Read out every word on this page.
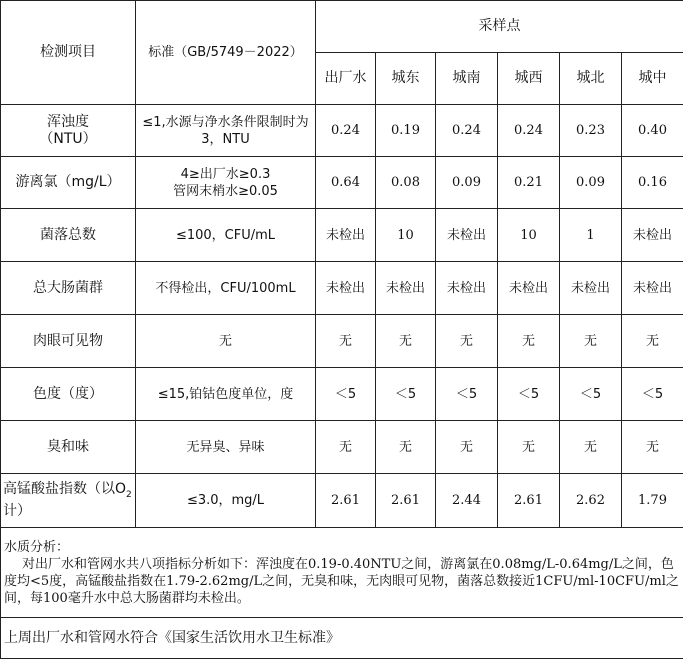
检测项目	标准（GB/5749－2022）	采样点					
		出厂水	城东	城南	城西	城北	城中
浑浊度
（NTU）	≤1,水源与净水条件限制时为3，NTU	0.24	0.19	0.24	0.24	0.23	0.40
游离氯（mg/L）	4≥出厂水≥0.3
管网末梢水≥0.05	0.64	0.08	0.09	0.21	0.09	0.16
菌落总数	≤100，CFU/mL	未检出	10	未检出	10	1	未检出
总大肠菌群	不得检出，CFU/100mL	未检出	未检出	未检出	未检出	未检出	未检出
肉眼可见物	无	无	无	无	无	无	无
色度（度）	≤15,铂钴色度单位，度	＜5	＜5	＜5	＜5	＜5	＜5
臭和味	无异臭、异味	无	无	无	无	无	无
高锰酸盐指数（以$O_2$
计）	≤3.0，mg/L	2.61	2.61	2.44	2.61	2.62	1.79

水质分析：
对出厂水和管网水共八项指标分析如下：浑浊度在0.19-0.40NTU之间，游离氯在0.08mg/L-0.64mg/L之间，色度均<5度，高锰酸盐指数在1.79-2.62mg/L之间，无臭和味，无肉眼可见物，菌落总数接近1CFU/ml-10CFU/ml之间，每100毫升水中总大肠菌群均未检出。							

上周出厂水和管网水符合《国家生活饮用水卫生标准》							
